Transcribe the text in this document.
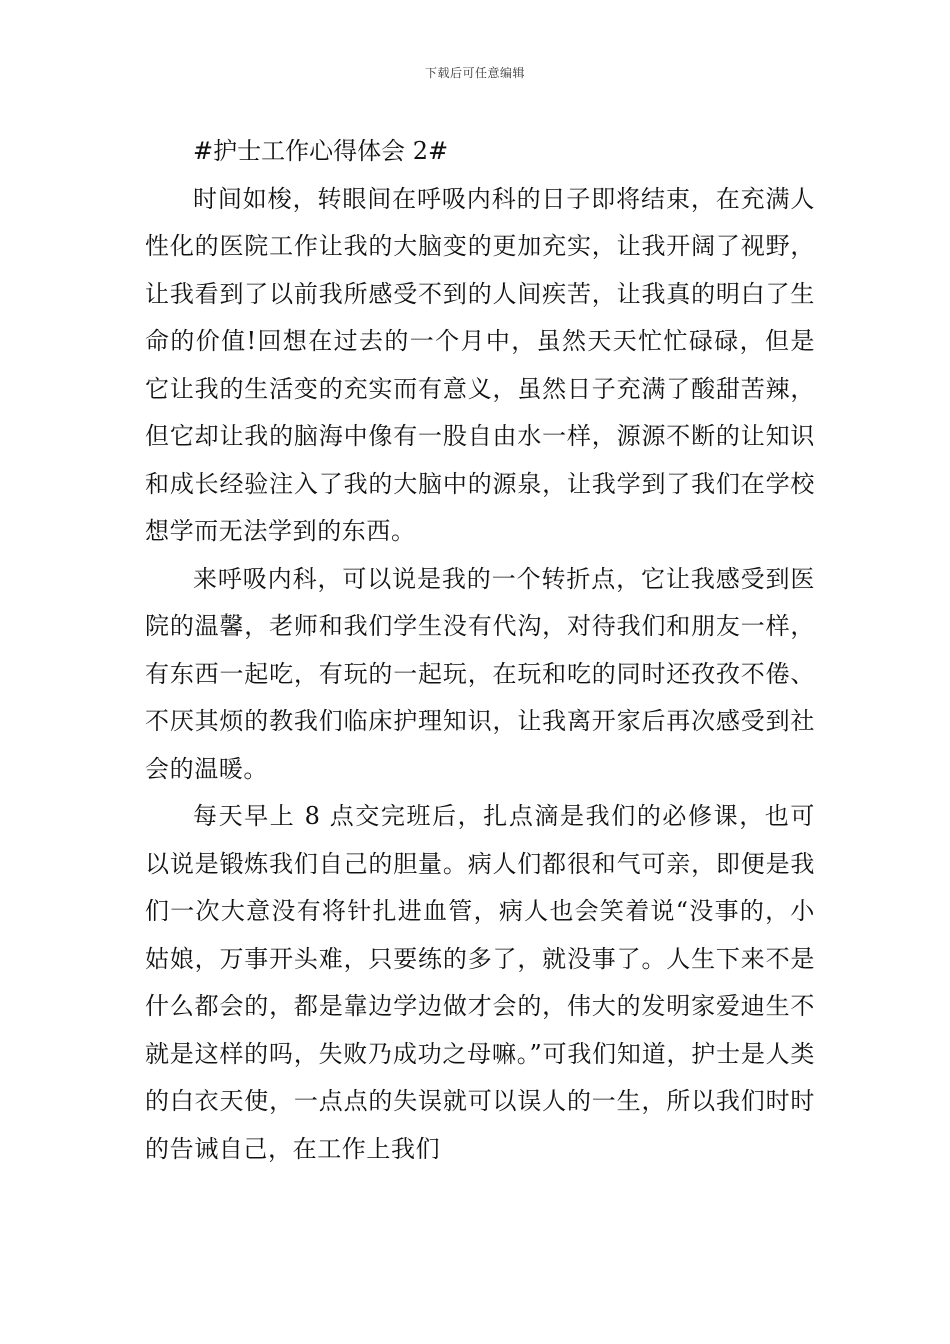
下载后可任意编辑
#护士工作心得体会 2#

时间如梭，转眼间在呼吸内科的日子即将结束，在充满人性化的医院工作让我的大脑变的更加充实，让我开阔了视野，让我看到了以前我所感受不到的人间疾苦，让我真的明白了生命的价值!回想在过去的一个月中，虽然天天忙忙碌碌，但是它让我的生活变的充实而有意义，虽然日子充满了酸甜苦辣，但它却让我的脑海中像有一股自由水一样，源源不断的让知识和成长经验注入了我的大脑中的源泉，让我学到了我们在学校想学而无法学到的东西。

来呼吸内科，可以说是我的一个转折点，它让我感受到医院的温馨，老师和我们学生没有代沟，对待我们和朋友一样，有东西一起吃，有玩的一起玩，在玩和吃的同时还孜孜不倦、不厌其烦的教我们临床护理知识，让我离开家后再次感受到社会的温暖。

每天早上 8 点交完班后，扎点滴是我们的必修课，也可以说是锻炼我们自己的胆量。病人们都很和气可亲，即便是我们一次大意没有将针扎进血管，病人也会笑着说“没事的，小姑娘，万事开头难，只要练的多了，就没事了。人生下来不是什么都会的，都是靠边学边做才会的，伟大的发明家爱迪生不就是这样的吗，失败乃成功之母嘛。”可我们知道，护士是人类的白衣天使，一点点的失误就可以误人的一生，所以我们时时的告诫自己，在工作上我们
